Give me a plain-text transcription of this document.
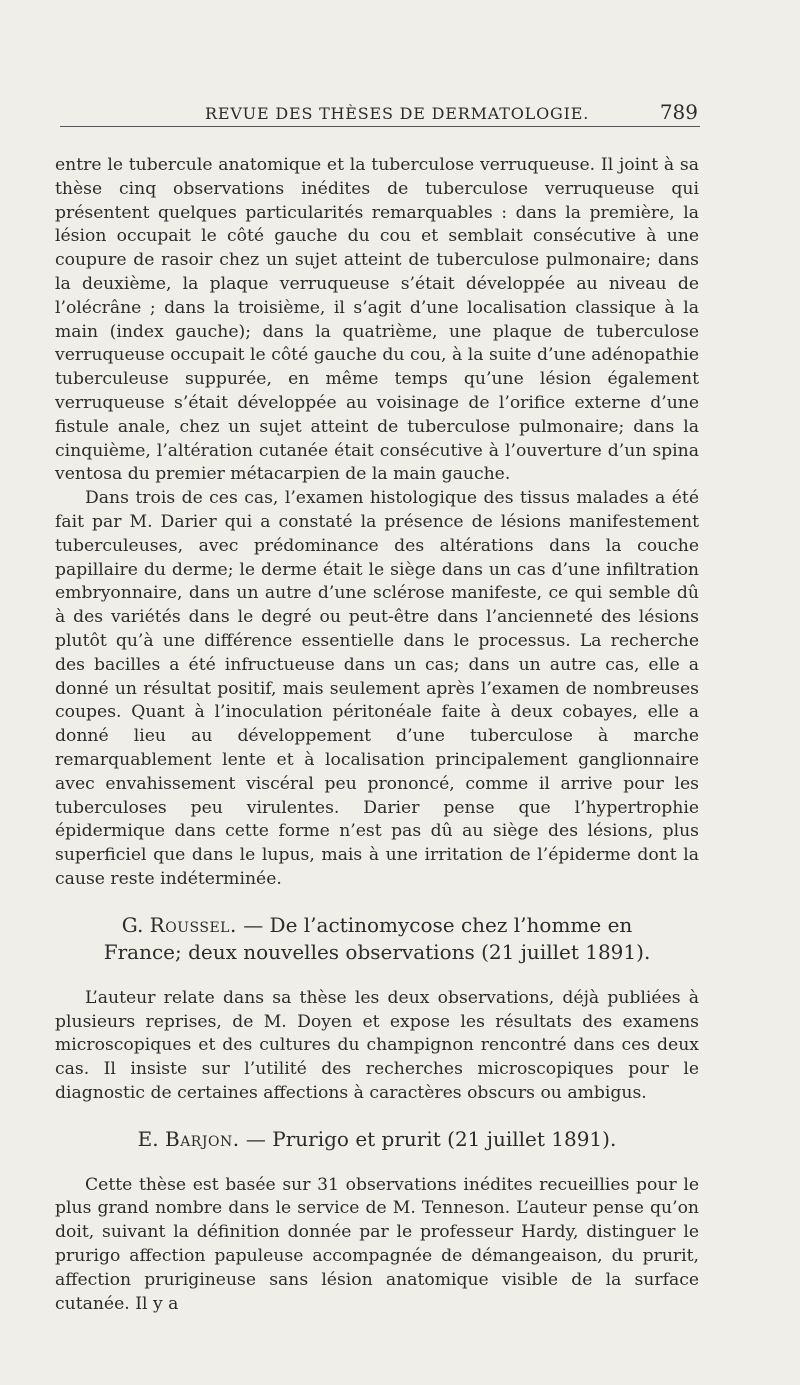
REVUE DES THÈSES DE DERMATOLOGIE.	789

entre le tubercule anatomique et la tuberculose verruqueuse. Il joint à sa thèse cinq observations inédites de tuberculose verruqueuse qui présentent quelques particularités remarquables : dans la première, la lésion occupait le côté gauche du cou et semblait consécutive à une coupure de rasoir chez un sujet atteint de tuberculose pulmonaire; dans la deuxième, la plaque verruqueuse s’était développée au niveau de l’olécrâne ; dans la troisième, il s’agit d’une localisation classique à la main (index gauche); dans la quatrième, une plaque de tuberculose verruqueuse occupait le côté gauche du cou, à la suite d’une adénopathie tuberculeuse suppurée, en même temps qu’une lésion également verruqueuse s’était développée au voisinage de l’orifice externe d’une fistule anale, chez un sujet atteint de tuberculose pulmonaire; dans la cinquième, l’altération cutanée était consécutive à l’ouverture d’un spina ventosa du premier métacarpien de la main gauche.

Dans trois de ces cas, l’examen histologique des tissus malades a été fait par M. Darier qui a constaté la présence de lésions manifestement tuberculeuses, avec prédominance des altérations dans la couche papillaire du derme; le derme était le siège dans un cas d’une infiltration embryonnaire, dans un autre d’une sclérose manifeste, ce qui semble dû à des variétés dans le degré ou peut-être dans l’ancienneté des lésions plutôt qu’à une différence essentielle dans le processus. La recherche des bacilles a été infructueuse dans un cas; dans un autre cas, elle a donné un résultat positif, mais seulement après l’examen de nombreuses coupes. Quant à l’inoculation péritonéale faite à deux cobayes, elle a donné lieu au développement d’une tuberculose à marche remarquablement lente et à localisation principalement ganglionnaire avec envahissement viscéral peu prononcé, comme il arrive pour les tuberculoses peu virulentes. Darier pense que l’hypertrophie épidermique dans cette forme n’est pas dû au siège des lésions, plus superficiel que dans le lupus, mais à une irritation de l’épiderme dont la cause reste indéterminée.

G. Roussel. — De l’actinomycose chez l’homme en France; deux nouvelles observations (21 juillet 1891).

L’auteur relate dans sa thèse les deux observations, déjà publiées à plusieurs reprises, de M. Doyen et expose les résultats des examens microscopiques et des cultures du champignon rencontré dans ces deux cas. Il insiste sur l’utilité des recherches microscopiques pour le diagnostic de certaines affections à caractères obscurs ou ambigus.

E. Barjon. — Prurigo et prurit (21 juillet 1891).

Cette thèse est basée sur 31 observations inédites recueillies pour le plus grand nombre dans le service de M. Tenneson. L’auteur pense qu’on doit, suivant la définition donnée par le professeur Hardy, distinguer le prurigo affection papuleuse accompagnée de démangeaison, du prurit, affection prurigineuse sans lésion anatomique visible de la surface cutanée. Il y a
